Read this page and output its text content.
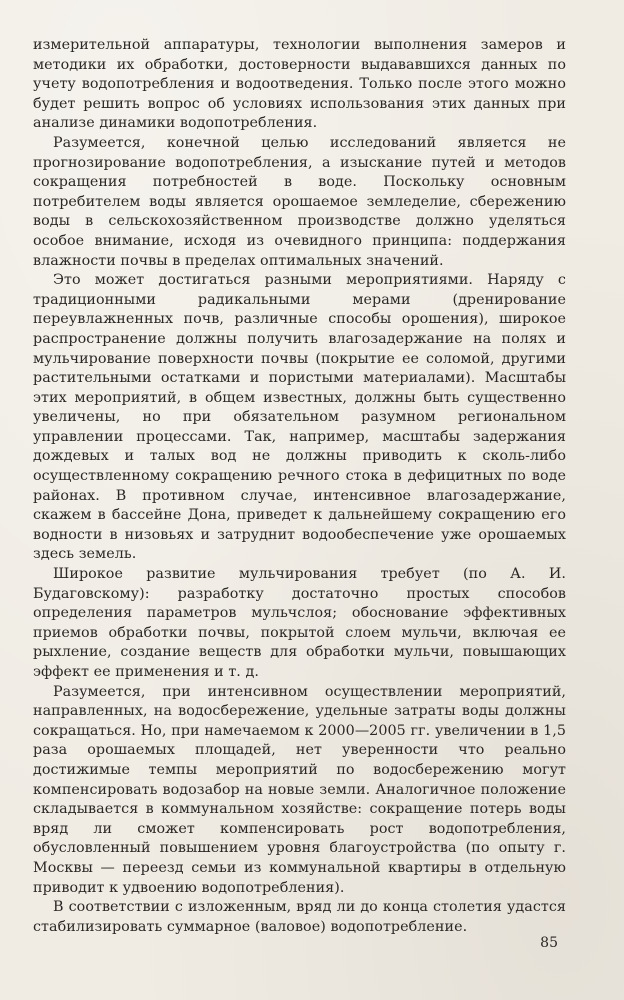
измерительной аппаратуры, технологии выполнения замеров и методики их обработки, достоверности выдававшихся данных по учету водопотребления и водоотведения. Только после этого можно будет решить вопрос об условиях использования этих данных при анализе динамики водопотребления.

Разумеется, конечной целью исследований является не прогнозирование водопотребления, а изыскание путей и методов сокращения потребностей в воде. Поскольку основным потребителем воды является орошаемое земледелие, сбережению воды в сельскохозяйственном производстве должно уделяться особое внимание, исходя из очевидного принципа: поддержания влажности почвы в пределах оптимальных значений.

Это может достигаться разными мероприятиями. Наряду с традиционными радикальными мерами (дренирование переувлажненных почв, различные способы орошения), широкое распространение должны получить влагозадержание на полях и мульчирование поверхности почвы (покрытие ее соломой, другими растительными остатками и пористыми материалами). Масштабы этих мероприятий, в общем известных, должны быть существенно увеличены, но при обязательном разумном региональном управлении процессами. Так, например, масштабы задержания дождевых и талых вод не должны приводить к сколь-либо осуществленному сокращению речного стока в дефицитных по воде районах. В противном случае, интенсивное влагозадержание, скажем в бассейне Дона, приведет к дальнейшему сокращению его водности в низовьях и затруднит водообеспечение уже орошаемых здесь земель.

Широкое развитие мульчирования требует (по А. И. Будаговскому): разработку достаточно простых способов определения параметров мульчслоя; обоснование эффективных приемов обработки почвы, покрытой слоем мульчи, включая ее рыхление, создание веществ для обработки мульчи, повышающих эффект ее применения и т. д.

Разумеется, при интенсивном осуществлении мероприятий, направленных, на водосбережение, удельные затраты воды должны сокращаться. Но, при намечаемом к 2000—2005 гг. увеличении в 1,5 раза орошаемых площадей, нет уверенности что реально достижимые темпы мероприятий по водосбережению могут компенсировать водозабор на новые земли. Аналогичное положение складывается в коммунальном хозяйстве: сокращение потерь воды вряд ли сможет компенсировать рост водопотребления, обусловленный повышением уровня благоустройства (по опыту г. Москвы — переезд семьи из коммунальной квартиры в отдельную приводит к удвоению водопотребления).

В соответствии с изложенным, вряд ли до конца столетия удастся стабилизировать суммарное (валовое) водопотребление.

85
